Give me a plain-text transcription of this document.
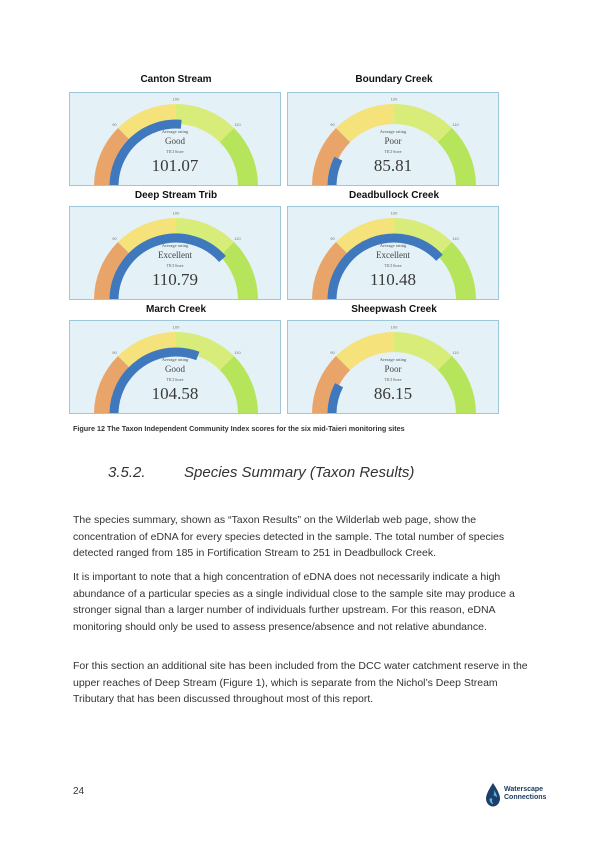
Canton Stream	Boundary Creek
80
90
100
110
120
Average rating
Good
TICI Score
101.07
80
90
100
110
120
Average rating
Poor
TICI Score
85.81
Deep Stream Trib	Deadbullock Creek
80
90
100
110
120
Average rating
Excellent
TICI Score
110.79
80
90
100
110
120
Average rating
Excellent
TICI Score
110.48
March Creek	Sheepwash Creek
80
90
100
110
120
Average rating
Good
TICI Score
104.58
80
90
100
110
120
Average rating
Poor
TICI Score
86.15
Figure 12 The Taxon Independent Community Index scores for the six mid-Taieri monitoring sites
3.5.2.	Species Summary (Taxon Results)

The species summary, shown as “Taxon Results” on the Wilderlab web page, show the concentration of eDNA for every species detected in the sample. The total number of species detected ranged from 185 in Fortification Stream to 251 in Deadbullock Creek.

It is important to note that a high concentration of eDNA does not necessarily indicate a high abundance of a particular species as a single individual close to the sample site may produce a stronger signal than a larger number of individuals further upstream. For this reason, eDNA monitoring should only be used to assess presence/absence and not relative abundance.

For this section an additional site has been included from the DCC water catchment reserve in the upper reaches of Deep Stream (Figure 1), which is separate from the Nichol’s Deep Stream Tributary that has been discussed throughout most of this report.

24	Waterscape
Connections
